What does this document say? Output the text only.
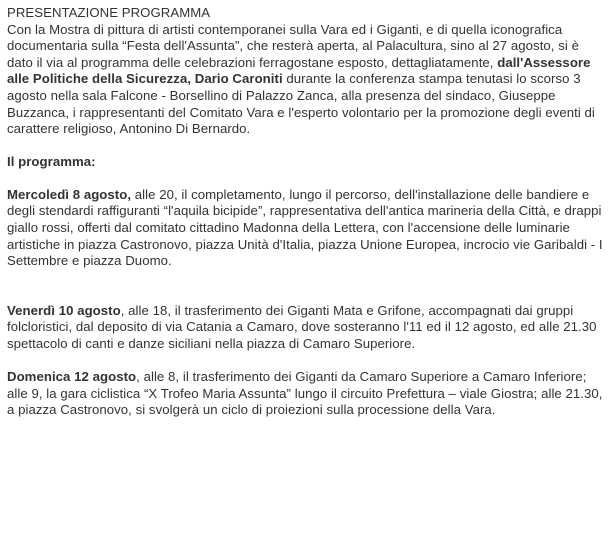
PRESENTAZIONE PROGRAMMA

Con la Mostra di pittura di artisti contemporanei sulla Vara ed i Giganti, e di quella iconografica documentaria sulla “Festa dell'Assunta”, che resterà aperta, al Palacultura, sino al 27 agosto, si è dato il via al programma delle celebrazioni ferragostane esposto, dettagliatamente, dall'Assessore alle Politiche della Sicurezza, Dario Caroniti durante la conferenza stampa tenutasi lo scorso 3 agosto nella sala Falcone - Borsellino di Palazzo Zanca, alla presenza del sindaco, Giuseppe Buzzanca, i rappresentanti del Comitato Vara e l'esperto volontario per la promozione degli eventi di carattere religioso, Antonino Di Bernardo.

Il programma:

Mercoledì 8 agosto, alle 20, il completamento, lungo il percorso, dell'installazione delle bandiere e degli stendardi raffiguranti “l'aquila bicipide”, rappresentativa dell'antica marineria della Città, e drappi giallo rossi, offerti dal comitato cittadino Madonna della Lettera, con l'accensione delle luminarie artistiche in piazza Castronovo, piazza Unità d'Italia, piazza Unione Europea, incrocio vie Garibaldi - I Settembre e piazza Duomo.

Venerdì 10 agosto, alle 18, il trasferimento dei Giganti Mata e Grifone, accompagnati dai gruppi folcloristici, dal deposito di via Catania a Camaro, dove sosteranno l'11 ed il 12 agosto, ed alle 21.30 spettacolo di canti e danze siciliani nella piazza di Camaro Superiore.

Domenica 12 agosto, alle 8, il trasferimento dei Giganti da Camaro Superiore a Camaro Inferiore; alle 9, la gara ciclistica “X Trofeo Maria Assunta” lungo il circuito Prefettura – viale Giostra; alle 21.30, a piazza Castronovo, si svolgerà un ciclo di proiezioni sulla processione della Vara.
